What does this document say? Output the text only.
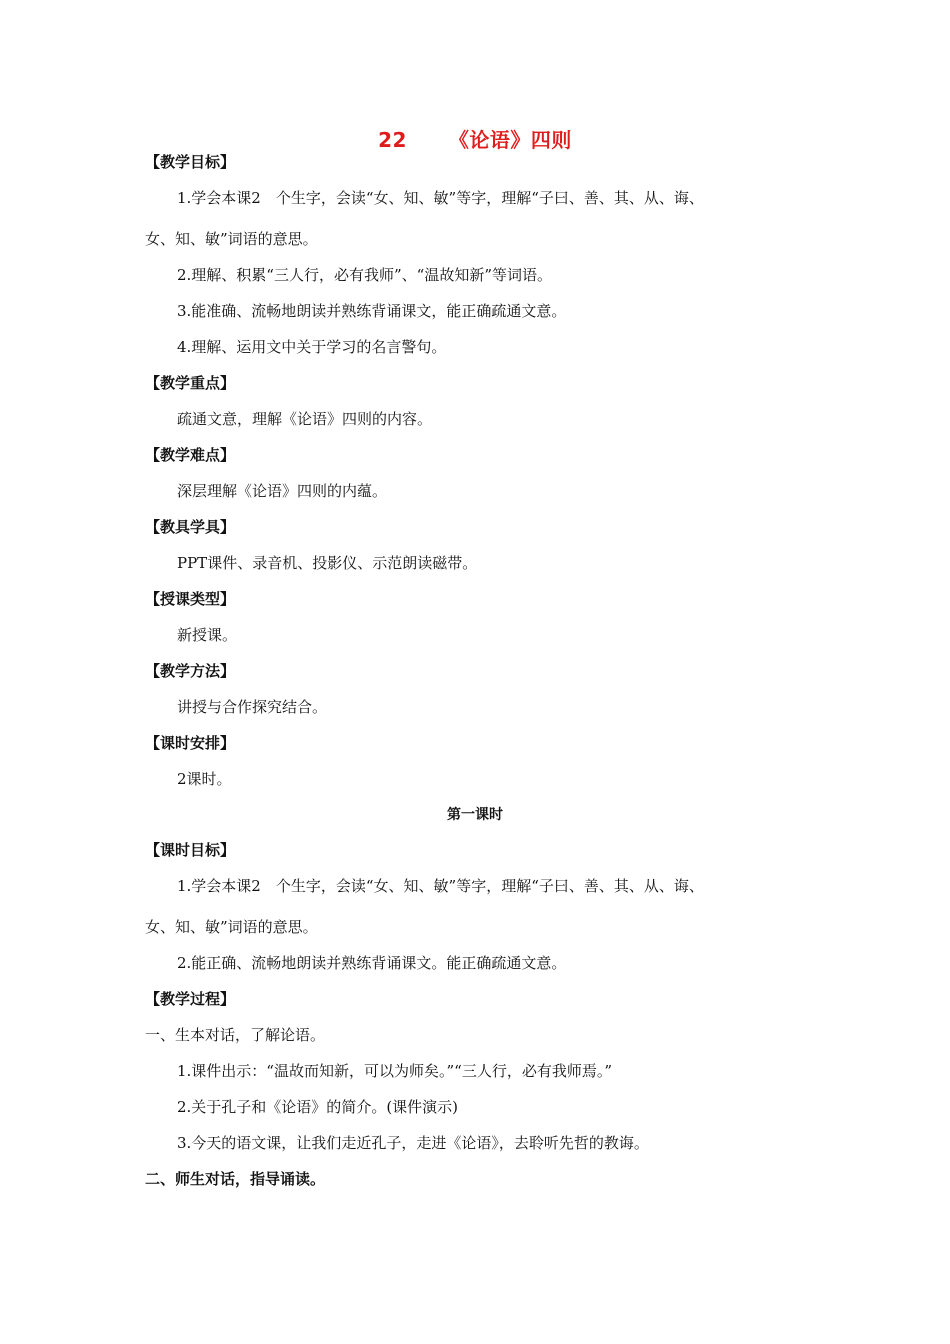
22 《论语》四则
【教学目标】
1.学会本课2　个生字，会读“女、知、敏”等字，理解“子曰、善、其、从、诲、
女、知、敏”词语的意思。
2.理解、积累“三人行，必有我师”、“温故知新”等词语。
3.能准确、流畅地朗读并熟练背诵课文，能正确疏通文意。
4.理解、运用文中关于学习的名言警句。
【教学重点】
疏通文意，理解《论语》四则的内容。
【教学难点】
深层理解《论语》四则的内蕴。
【教具学具】
PPT课件、录音机、投影仪、示范朗读磁带。
【授课类型】
新授课。
【教学方法】
讲授与合作探究结合。
【课时安排】
2课时。
第一课时
【课时目标】
1.学会本课2　个生字，会读“女、知、敏”等字，理解“子曰、善、其、从、诲、
女、知、敏”词语的意思。
2.能正确、流畅地朗读并熟练背诵课文。能正确疏通文意。
【教学过程】
一、生本对话，了解论语。
1.课件出示：“温故而知新，可以为师矣。”“三人行，必有我师焉。”
2.关于孔子和《论语》的简介。(课件演示)
3.今天的语文课，让我们走近孔子，走进《论语》，去聆听先哲的教诲。
二、师生对话，指导诵读。
